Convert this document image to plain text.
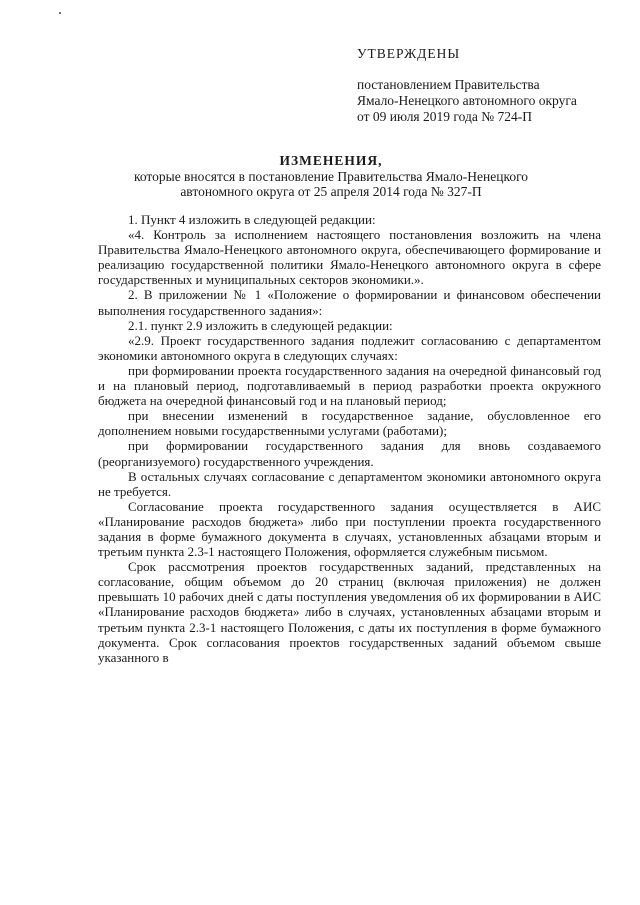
УТВЕРЖДЕНЫ
постановлением Правительства
Ямало-Ненецкого автономного округа
от 09 июля 2019 года № 724-П
ИЗМЕНЕНИЯ,
которые вносятся в постановление Правительства Ямало-Ненецкого
автономного округа от 25 апреля 2014 года № 327-П

1. Пункт 4 изложить в следующей редакции:

«4. Контроль за исполнением настоящего постановления возложить на члена Правительства Ямало-Ненецкого автономного округа, обеспечивающего формирование и реализацию государственной политики Ямало-Ненецкого автономного округа в сфере государственных и муниципальных секторов экономики.».

2. В приложении № 1 «Положение о формировании и финансовом обеспечении выполнения государственного задания»:

2.1. пункт 2.9 изложить в следующей редакции:

«2.9. Проект государственного задания подлежит согласованию с департаментом экономики автономного округа в следующих случаях:

при формировании проекта государственного задания на очередной финансовый год и на плановый период, подготавливаемый в период разработки проекта окружного бюджета на очередной финансовый год и на плановый период;

при внесении изменений в государственное задание, обусловленное его дополнением новыми государственными услугами (работами);

при формировании государственного задания для вновь создаваемого (реорганизуемого) государственного учреждения.

В остальных случаях согласование с департаментом экономики автономного округа не требуется.

Согласование проекта государственного задания осуществляется в АИС «Планирование расходов бюджета» либо при поступлении проекта государственного задания в форме бумажного документа в случаях, установленных абзацами вторым и третьим пункта 2.3-1 настоящего Положения, оформляется служебным письмом.

Срок рассмотрения проектов государственных заданий, представленных на согласование, общим объемом до 20 страниц (включая приложения) не должен превышать 10 рабочих дней с даты поступления уведомления об их формировании в АИС «Планирование расходов бюджета» либо в случаях, установленных абзацами вторым и третьим пункта 2.3-1 настоящего Положения, с даты их поступления в форме бумажного документа. Срок согласования проектов государственных заданий объемом свыше указанного в
